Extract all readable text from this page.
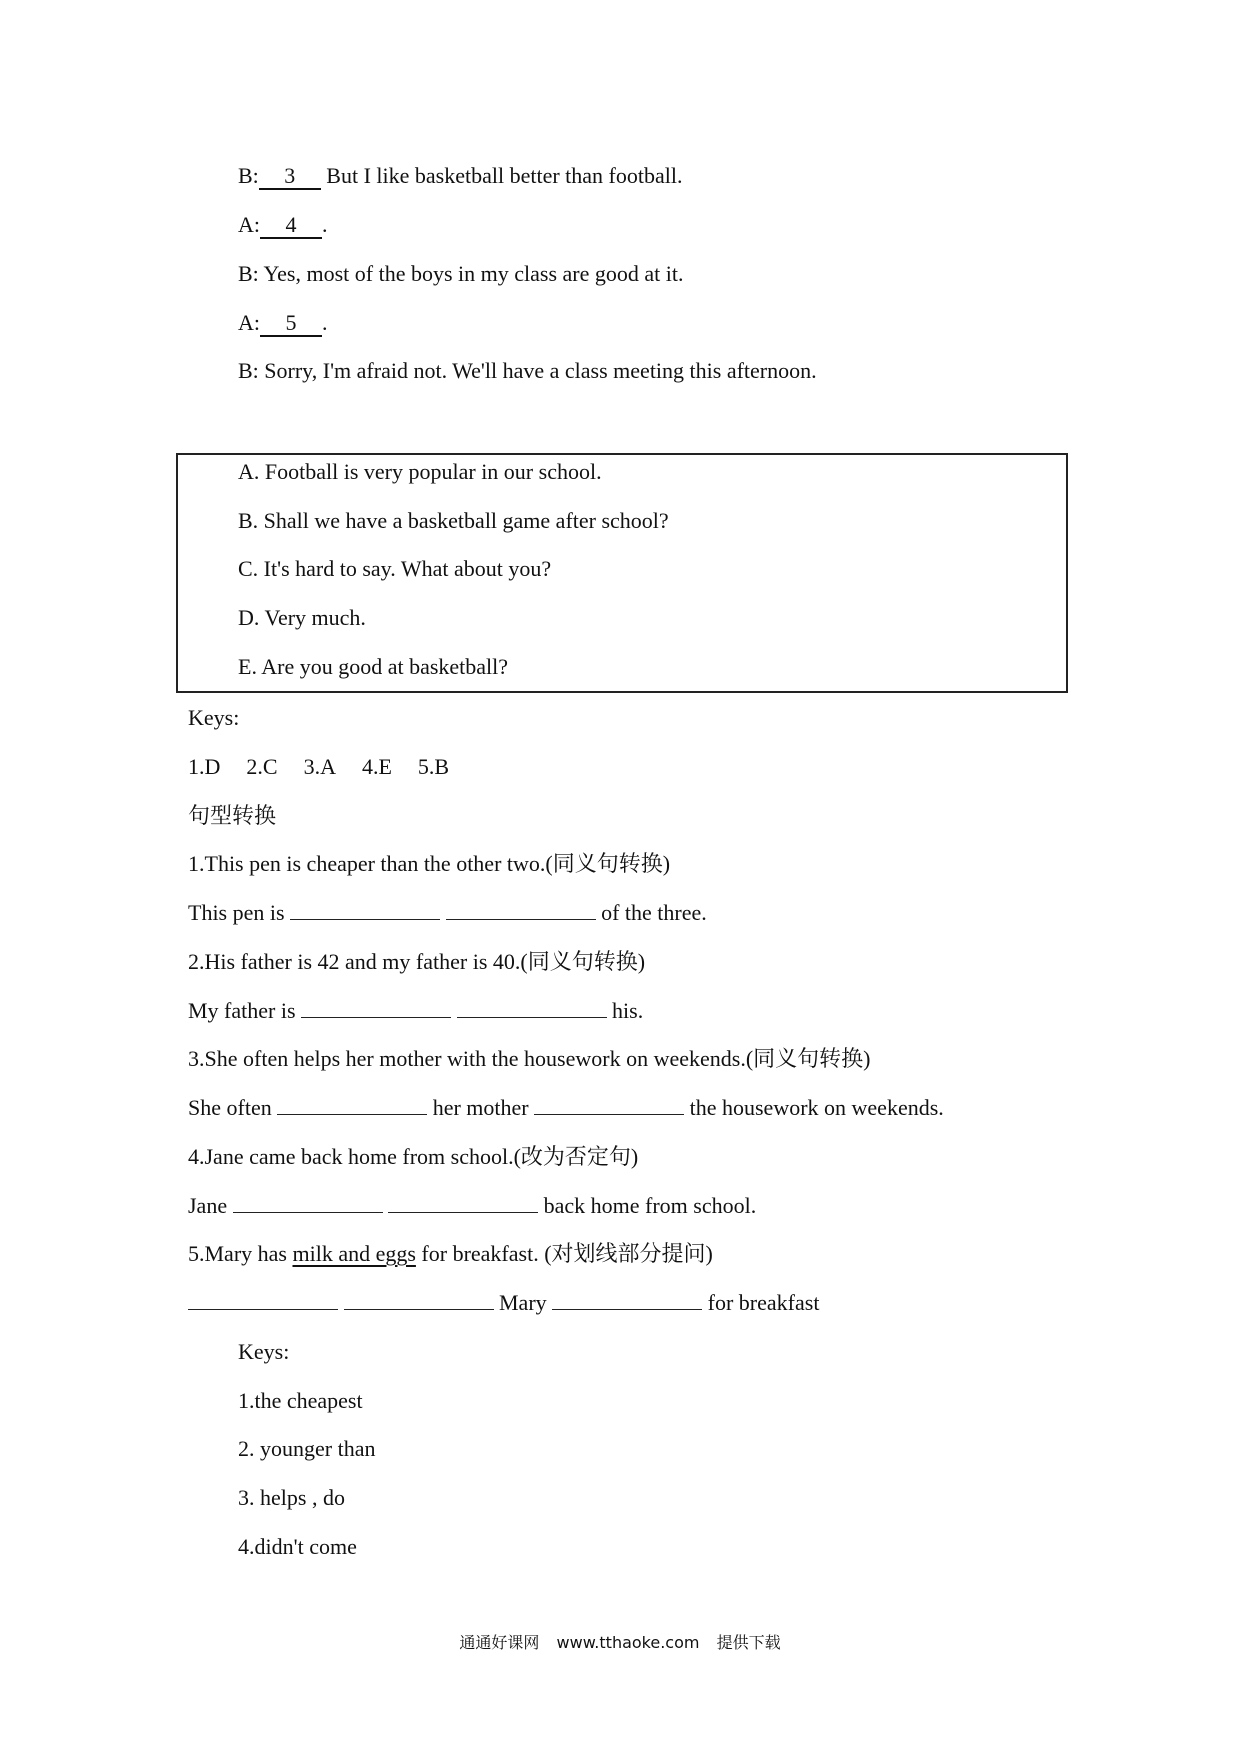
B: 3 But I like basketball better than football.
A: 4 .
B: Yes, most of the boys in my class are good at it.
A: 5 .
B: Sorry, I'm afraid not. We'll have a class meeting this afternoon.
A. Football is very popular in our school.
B. Shall we have a basketball game after school?
C. It's hard to say. What about you?
D. Very much.
E. Are you good at basketball?
Keys:
1.D 2.C 3.A 4.E 5.B
句型转换
1.This pen is cheaper than the other two.(同义句转换)
This pen is	of the three.
2.His father is 42 and my father is 40.(同义句转换)
My father is	his.
3.She often helps her mother with the housework on weekends.(同义句转换)
She often	her mother	the housework on weekends.
4.Jane came back home from school.(改为否定句)
Jane	back home from school.
5.Mary has milk and eggs for breakfast. (对划线部分提问)
Mary	for breakfast
Keys:
1.the cheapest
2. younger than
3. helps , do
4.didn't come
通通好课网 www.tthaoke.com 提供下载
